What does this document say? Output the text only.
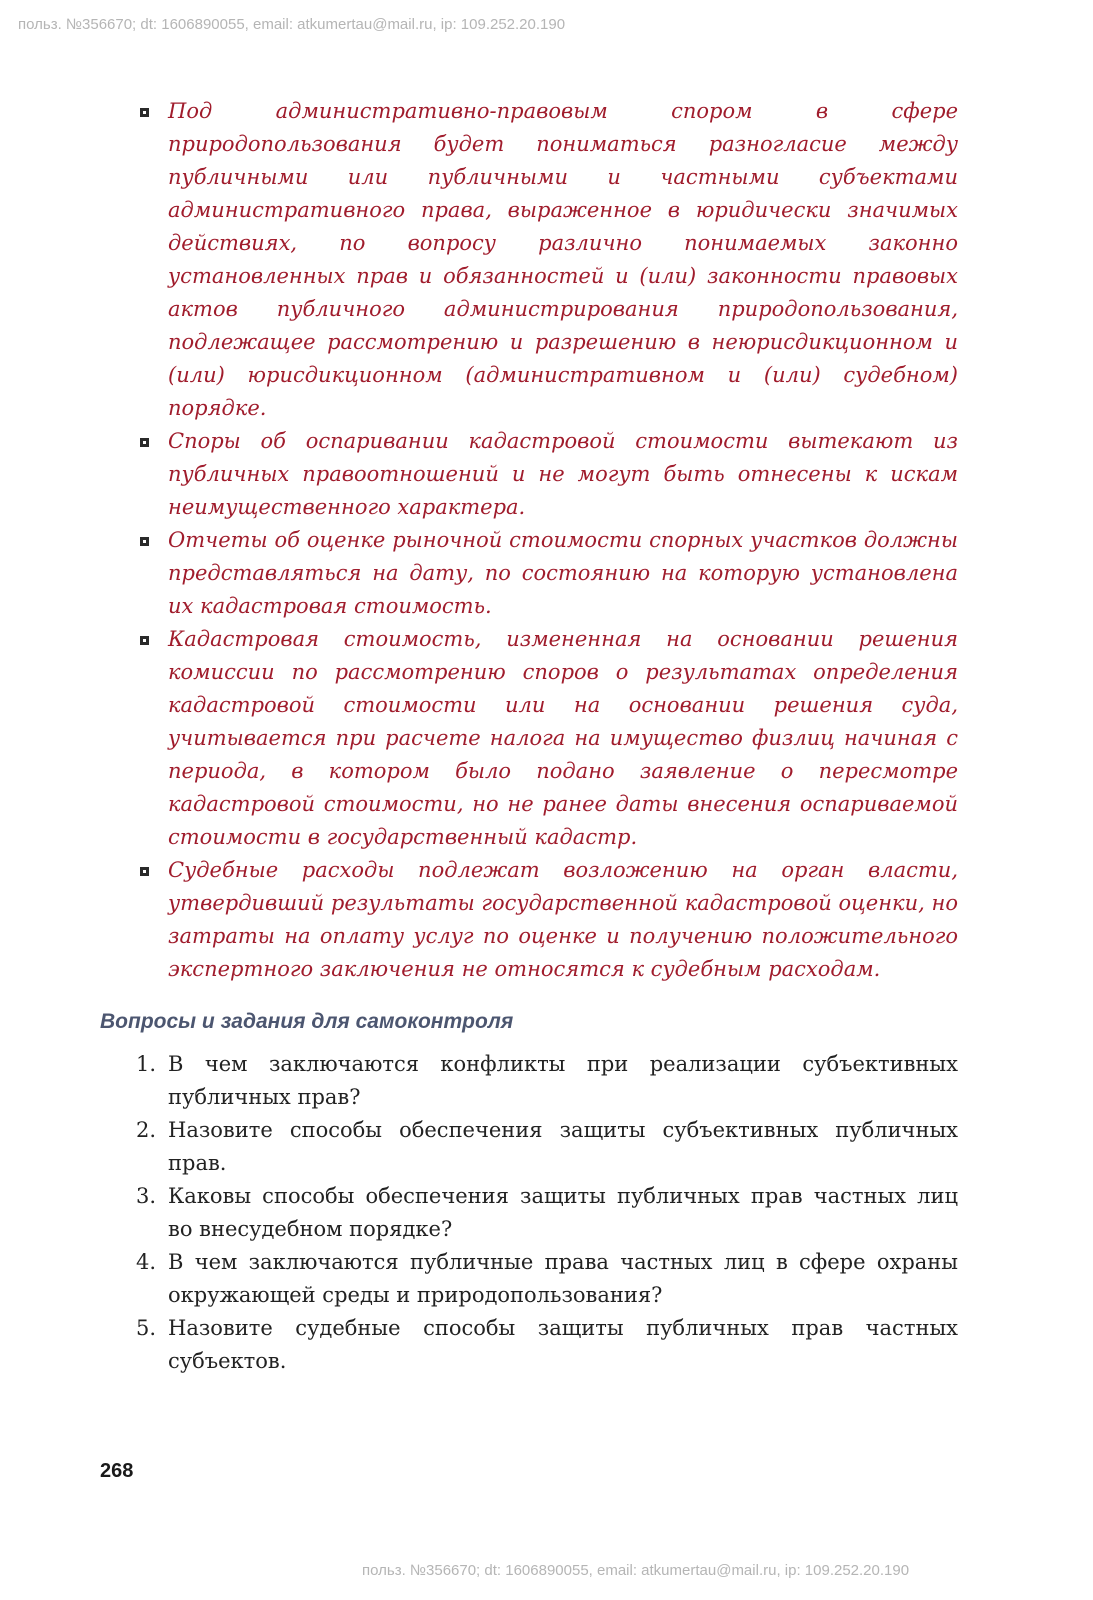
польз. №356670; dt: 1606890055, email: atkumertau@mail.ru, ip: 109.252.20.190
Под административно-правовым спором в сфере природопользования будет пониматься разногласие между публичными или публичными и частными субъектами административного права, выраженное в юридически значимых действиях, по вопросу различно понимаемых законно установленных прав и обязанностей и (или) законности правовых актов публичного администрирования природопользования, подлежащее рассмотрению и разрешению в неюрисдикционном и (или) юрисдикционном (административном и (или) судебном) порядке.
Споры об оспаривании кадастровой стоимости вытекают из публичных правоотношений и не могут быть отнесены к искам неимущественного характера.
Отчеты об оценке рыночной стоимости спорных участков должны представляться на дату, по состоянию на которую установлена их кадастровая стоимость.
Кадастровая стоимость, измененная на основании решения комиссии по рассмотрению споров о результатах определения кадастровой стоимости или на основании решения суда, учитывается при расчете налога на имущество физлиц начиная с периода, в котором было подано заявление о пересмотре кадастровой стоимости, но не ранее даты внесения оспариваемой стоимости в государственный кадастр.
Судебные расходы подлежат возложению на орган власти, утвердивший результаты государственной кадастровой оценки, но затраты на оплату услуг по оценке и получению положительного экспертного заключения не относятся к судебным расходам.
Вопросы и задания для самоконтроля
1. В чем заключаются конфликты при реализации субъективных публичных прав?
2. Назовите способы обеспечения защиты субъективных публичных прав.
3. Каковы способы обеспечения защиты публичных прав частных лиц во внесудебном порядке?
4. В чем заключаются публичные права частных лиц в сфере охраны окружающей среды и природопользования?
5. Назовите судебные способы защиты публичных прав частных субъектов.
268
польз. №356670; dt: 1606890055, email: atkumertau@mail.ru, ip: 109.252.20.190
